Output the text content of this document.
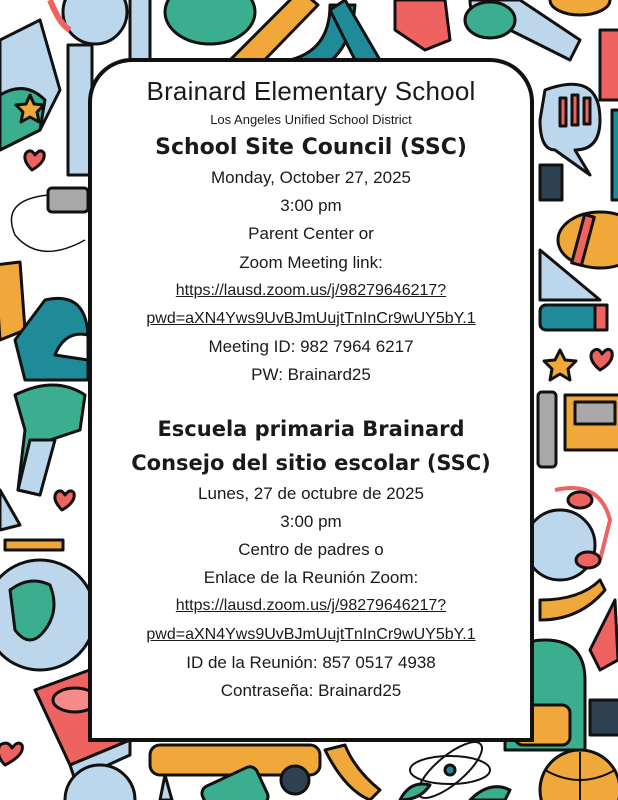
Brainard Elementary School
Los Angeles Unified School District
School Site Council (SSC)
Monday, October 27, 2025
3:00 pm
Parent Center or
Zoom Meeting link:
https://lausd.zoom.us/j/98279646217?
pwd=aXN4Yws9UvBJmUujtTnInCr9wUY5bY.1
Meeting ID: 982 7964 6217
PW: Brainard25
Escuela primaria Brainard
Consejo del sitio escolar (SSC)
Lunes, 27 de octubre de 2025
3:00 pm
Centro de padres o
Enlace de la Reunión Zoom:
https://lausd.zoom.us/j/98279646217?
pwd=aXN4Yws9UvBJmUujtTnInCr9wUY5bY.1
ID de la Reunión: 857 0517 4938
Contraseña: Brainard25
